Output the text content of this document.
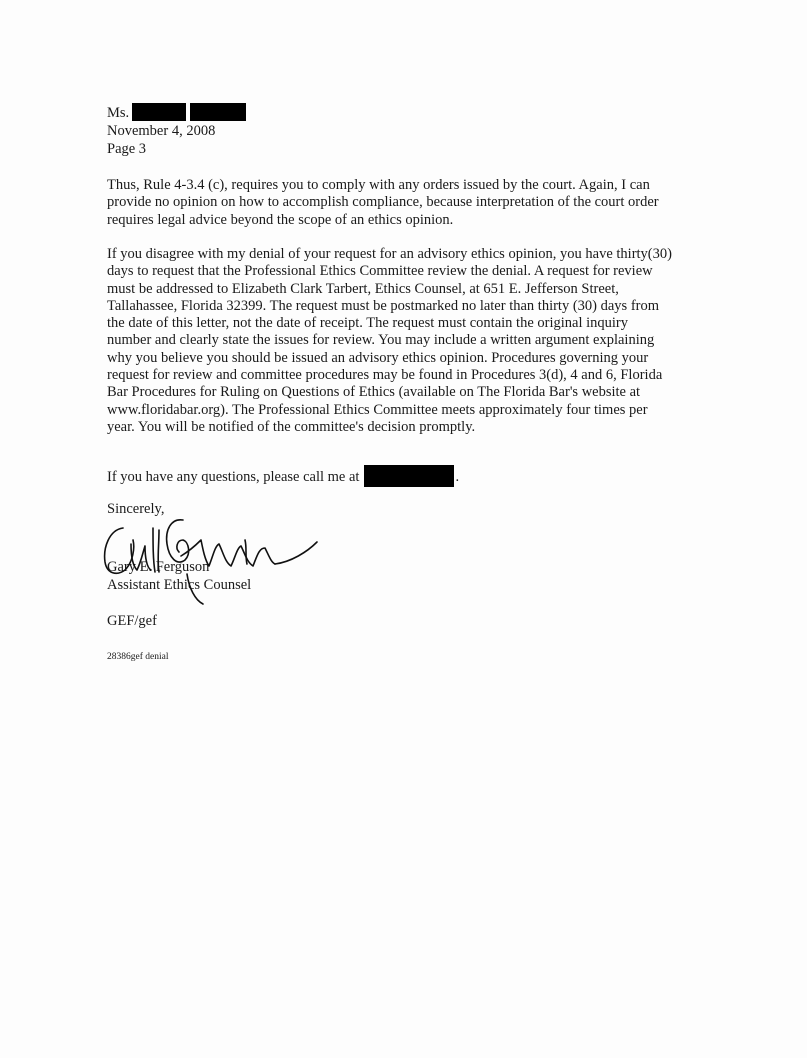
Ms.
November 4, 2008
Page 3
Thus, Rule 4-3.4 (c), requires you to comply with any orders issued by the court. Again, I can
provide no opinion on how to accomplish compliance, because interpretation of the court order
requires legal advice beyond the scope of an ethics opinion.
If you disagree with my denial of your request for an advisory ethics opinion, you have thirty(30)
days to request that the Professional Ethics Committee review the denial. A request for review
must be addressed to Elizabeth Clark Tarbert, Ethics Counsel, at 651 E. Jefferson Street,
Tallahassee, Florida 32399. The request must be postmarked no later than thirty (30) days from
the date of this letter, not the date of receipt. The request must contain the original inquiry
number and clearly state the issues for review. You may include a written argument explaining
why you believe you should be issued an advisory ethics opinion. Procedures governing your
request for review and committee procedures may be found in Procedures 3(d), 4 and 6, Florida
Bar Procedures for Ruling on Questions of Ethics (available on The Florida Bar's website at
www.floridabar.org). The Professional Ethics Committee meets approximately four times per
year. You will be notified of the committee's decision promptly.
If you have any questions, please call me at	.
Sincerely,
Gary E. Ferguson
Assistant Ethics Counsel
GEF/gef
28386gef denial
